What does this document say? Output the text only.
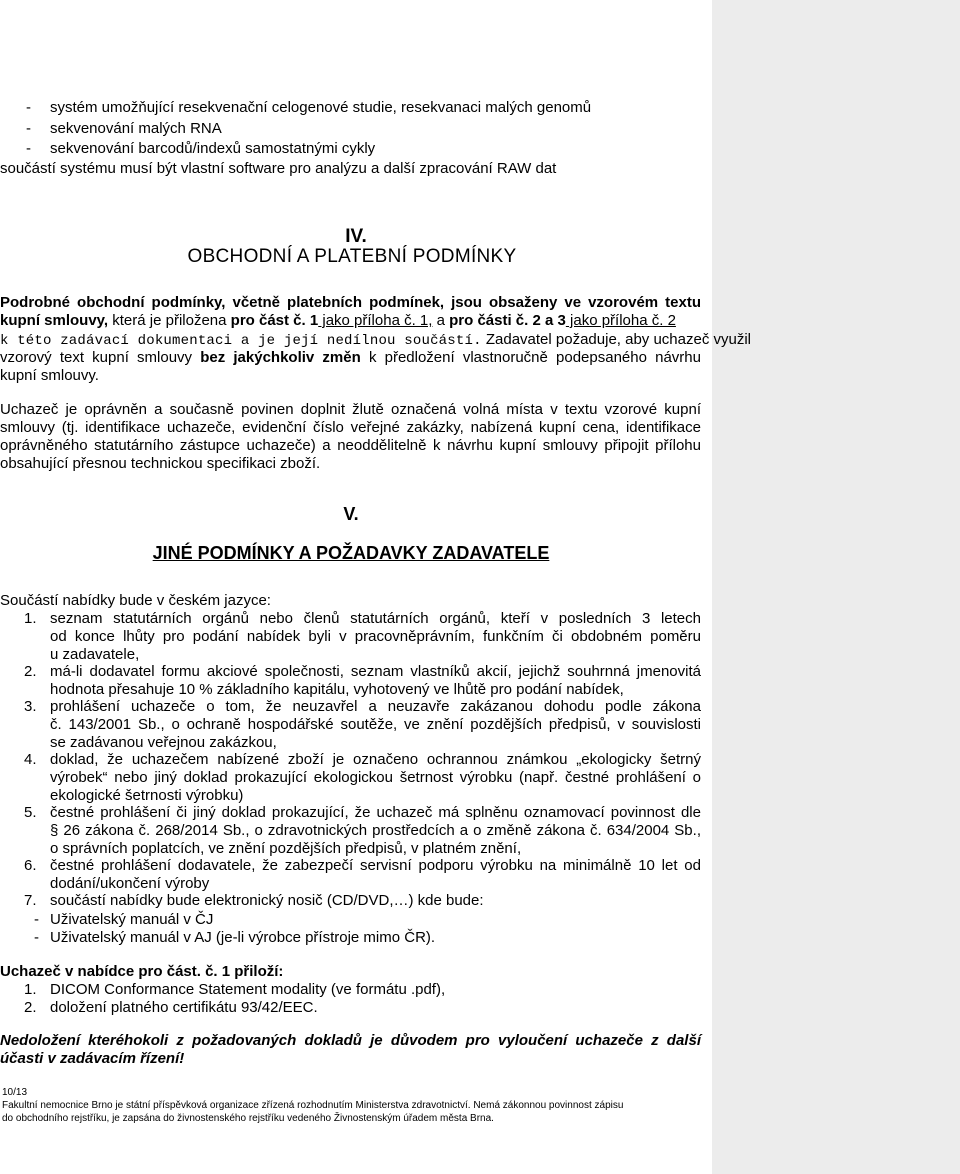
- systém umožňující resekvenační celogenové studie, resekvanaci malých genomů
- sekvenování malých RNA
- sekvenování barcodů/indexů samostatnými cykly
součástí systému musí být vlastní software pro analýzu a další zpracování RAW dat
IV.
OBCHODNÍ A PLATEBNÍ PODMÍNKY
Podrobné obchodní podmínky, včetně platebních podmínek, jsou obsaženy ve vzorovém textu
kupní smlouvy, která je přiložena pro část č. 1 jako příloha č. 1, a pro části č. 2 a 3 jako příloha č. 2
k této zadávací dokumentaci a je její nedílnou součástí. Zadavatel požaduje, aby uchazeč využil
vzorový text kupní smlouvy bez jakýchkoliv změn k předložení vlastnoručně podepsaného návrhu
kupní smlouvy.
Uchazeč je oprávněn a současně povinen doplnit žlutě označená volná místa v textu vzorové kupní
smlouvy (tj. identifikace uchazeče, evidenční číslo veřejné zakázky, nabízená kupní cena, identifikace
oprávněného statutárního zástupce uchazeče) a neoddělitelně k návrhu kupní smlouvy připojit přílohu
obsahující přesnou technickou specifikaci zboží.
V.
JINÉ PODMÍNKY A POŽADAVKY ZADAVATELE
Součástí nabídky bude v českém jazyce:
1. seznam statutárních orgánů nebo členů statutárních orgánů, kteří v posledních 3 letech
od konce lhůty pro podání nabídek byli v pracovněprávním, funkčním či obdobném poměru
u zadavatele,
2. má-li dodavatel formu akciové společnosti, seznam vlastníků akcií, jejichž souhrnná jmenovitá
hodnota přesahuje 10 % základního kapitálu, vyhotovený ve lhůtě pro podání nabídek,
3. prohlášení uchazeče o tom, že neuzavřel a neuzavře zakázanou dohodu podle zákona
č. 143/2001 Sb., o ochraně hospodářské soutěže, ve znění pozdějších předpisů, v souvislosti
se zadávanou veřejnou zakázkou,
4. doklad, že uchazečem nabízené zboží je označeno ochrannou známkou „ekologicky šetrný
výrobek“ nebo jiný doklad prokazující ekologickou šetrnost výrobku (např. čestné prohlášení o
ekologické šetrnosti výrobku)
5. čestné prohlášení či jiný doklad prokazující, že uchazeč má splněnu oznamovací povinnost dle
§ 26 zákona č. 268/2014 Sb., o zdravotnických prostředcích a o změně zákona č. 634/2004 Sb.,
o správních poplatcích, ve znění pozdějších předpisů, v platném znění,
6. čestné prohlášení dodavatele, že zabezpečí servisní podporu výrobku na minimálně 10 let od
dodání/ukončení výroby
7. součástí nabídky bude elektronický nosič (CD/DVD,…) kde bude:
- Uživatelský manuál v ČJ
- Uživatelský manuál v AJ (je-li výrobce přístroje mimo ČR).
Uchazeč v nabídce pro část. č. 1 přiloží:
1. DICOM Conformance Statement modality (ve formátu .pdf),
2. doložení platného certifikátu 93/42/EEC.
Nedoložení kteréhokoli z požadovaných dokladů je důvodem pro vyloučení uchazeče z další
účasti v zadávacím řízení!
10/13
Fakultní nemocnice Brno je státní příspěvková organizace zřízená rozhodnutím Ministerstva zdravotnictví. Nemá zákonnou povinnost zápisu
do obchodního rejstříku, je zapsána do živnostenského rejstříku vedeného Živnostenským úřadem města Brna.
